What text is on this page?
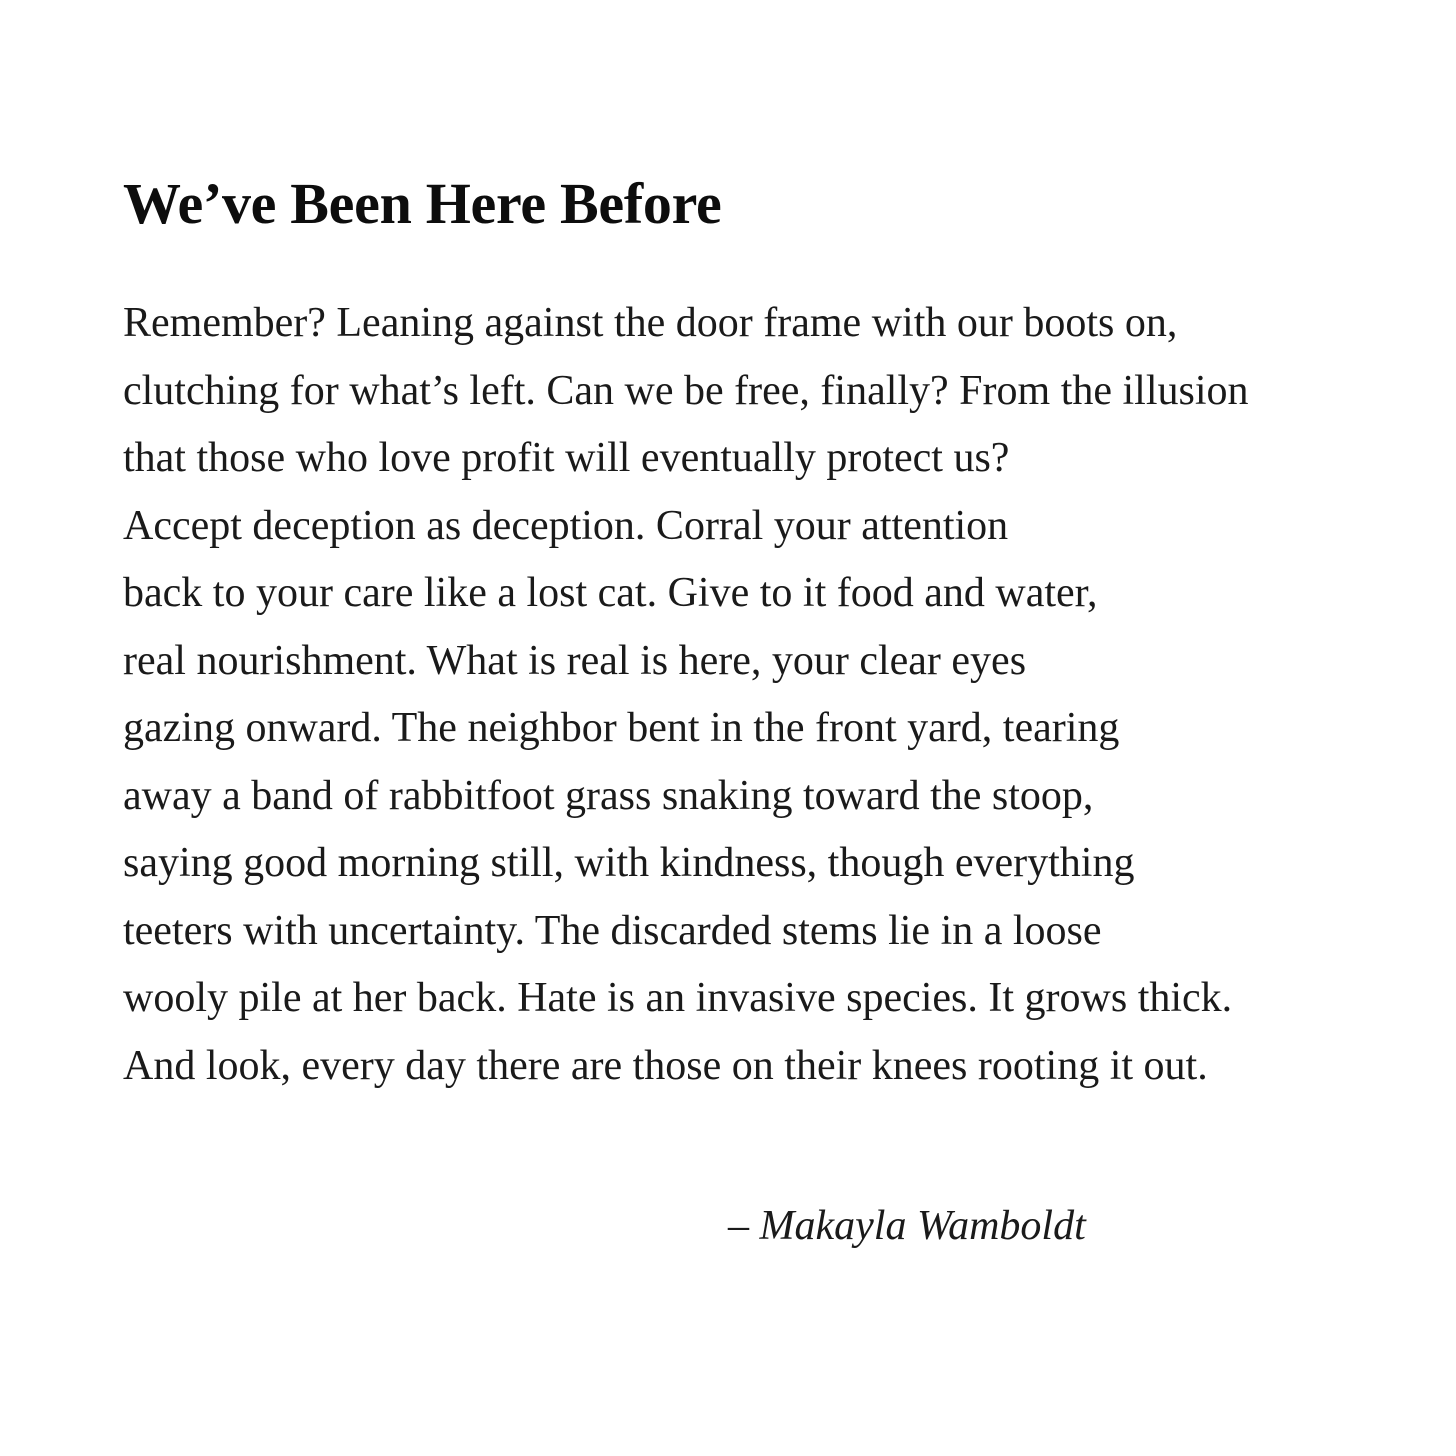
We’ve Been Here Before
Remember? Leaning against the door frame with our boots on,
clutching for what’s left. Can we be free, finally? From the illusion
that those who love profit will eventually protect us?
Accept deception as deception. Corral your attention
back to your care like a lost cat. Give to it food and water,
real nourishment. What is real is here, your clear eyes
gazing onward. The neighbor bent in the front yard, tearing
away a band of rabbitfoot grass snaking toward the stoop,
saying good morning still, with kindness, though everything
teeters with uncertainty. The discarded stems lie in a loose
wooly pile at her back. Hate is an invasive species. It grows thick.
And look, every day there are those on their knees rooting it out.
– Makayla Wamboldt
